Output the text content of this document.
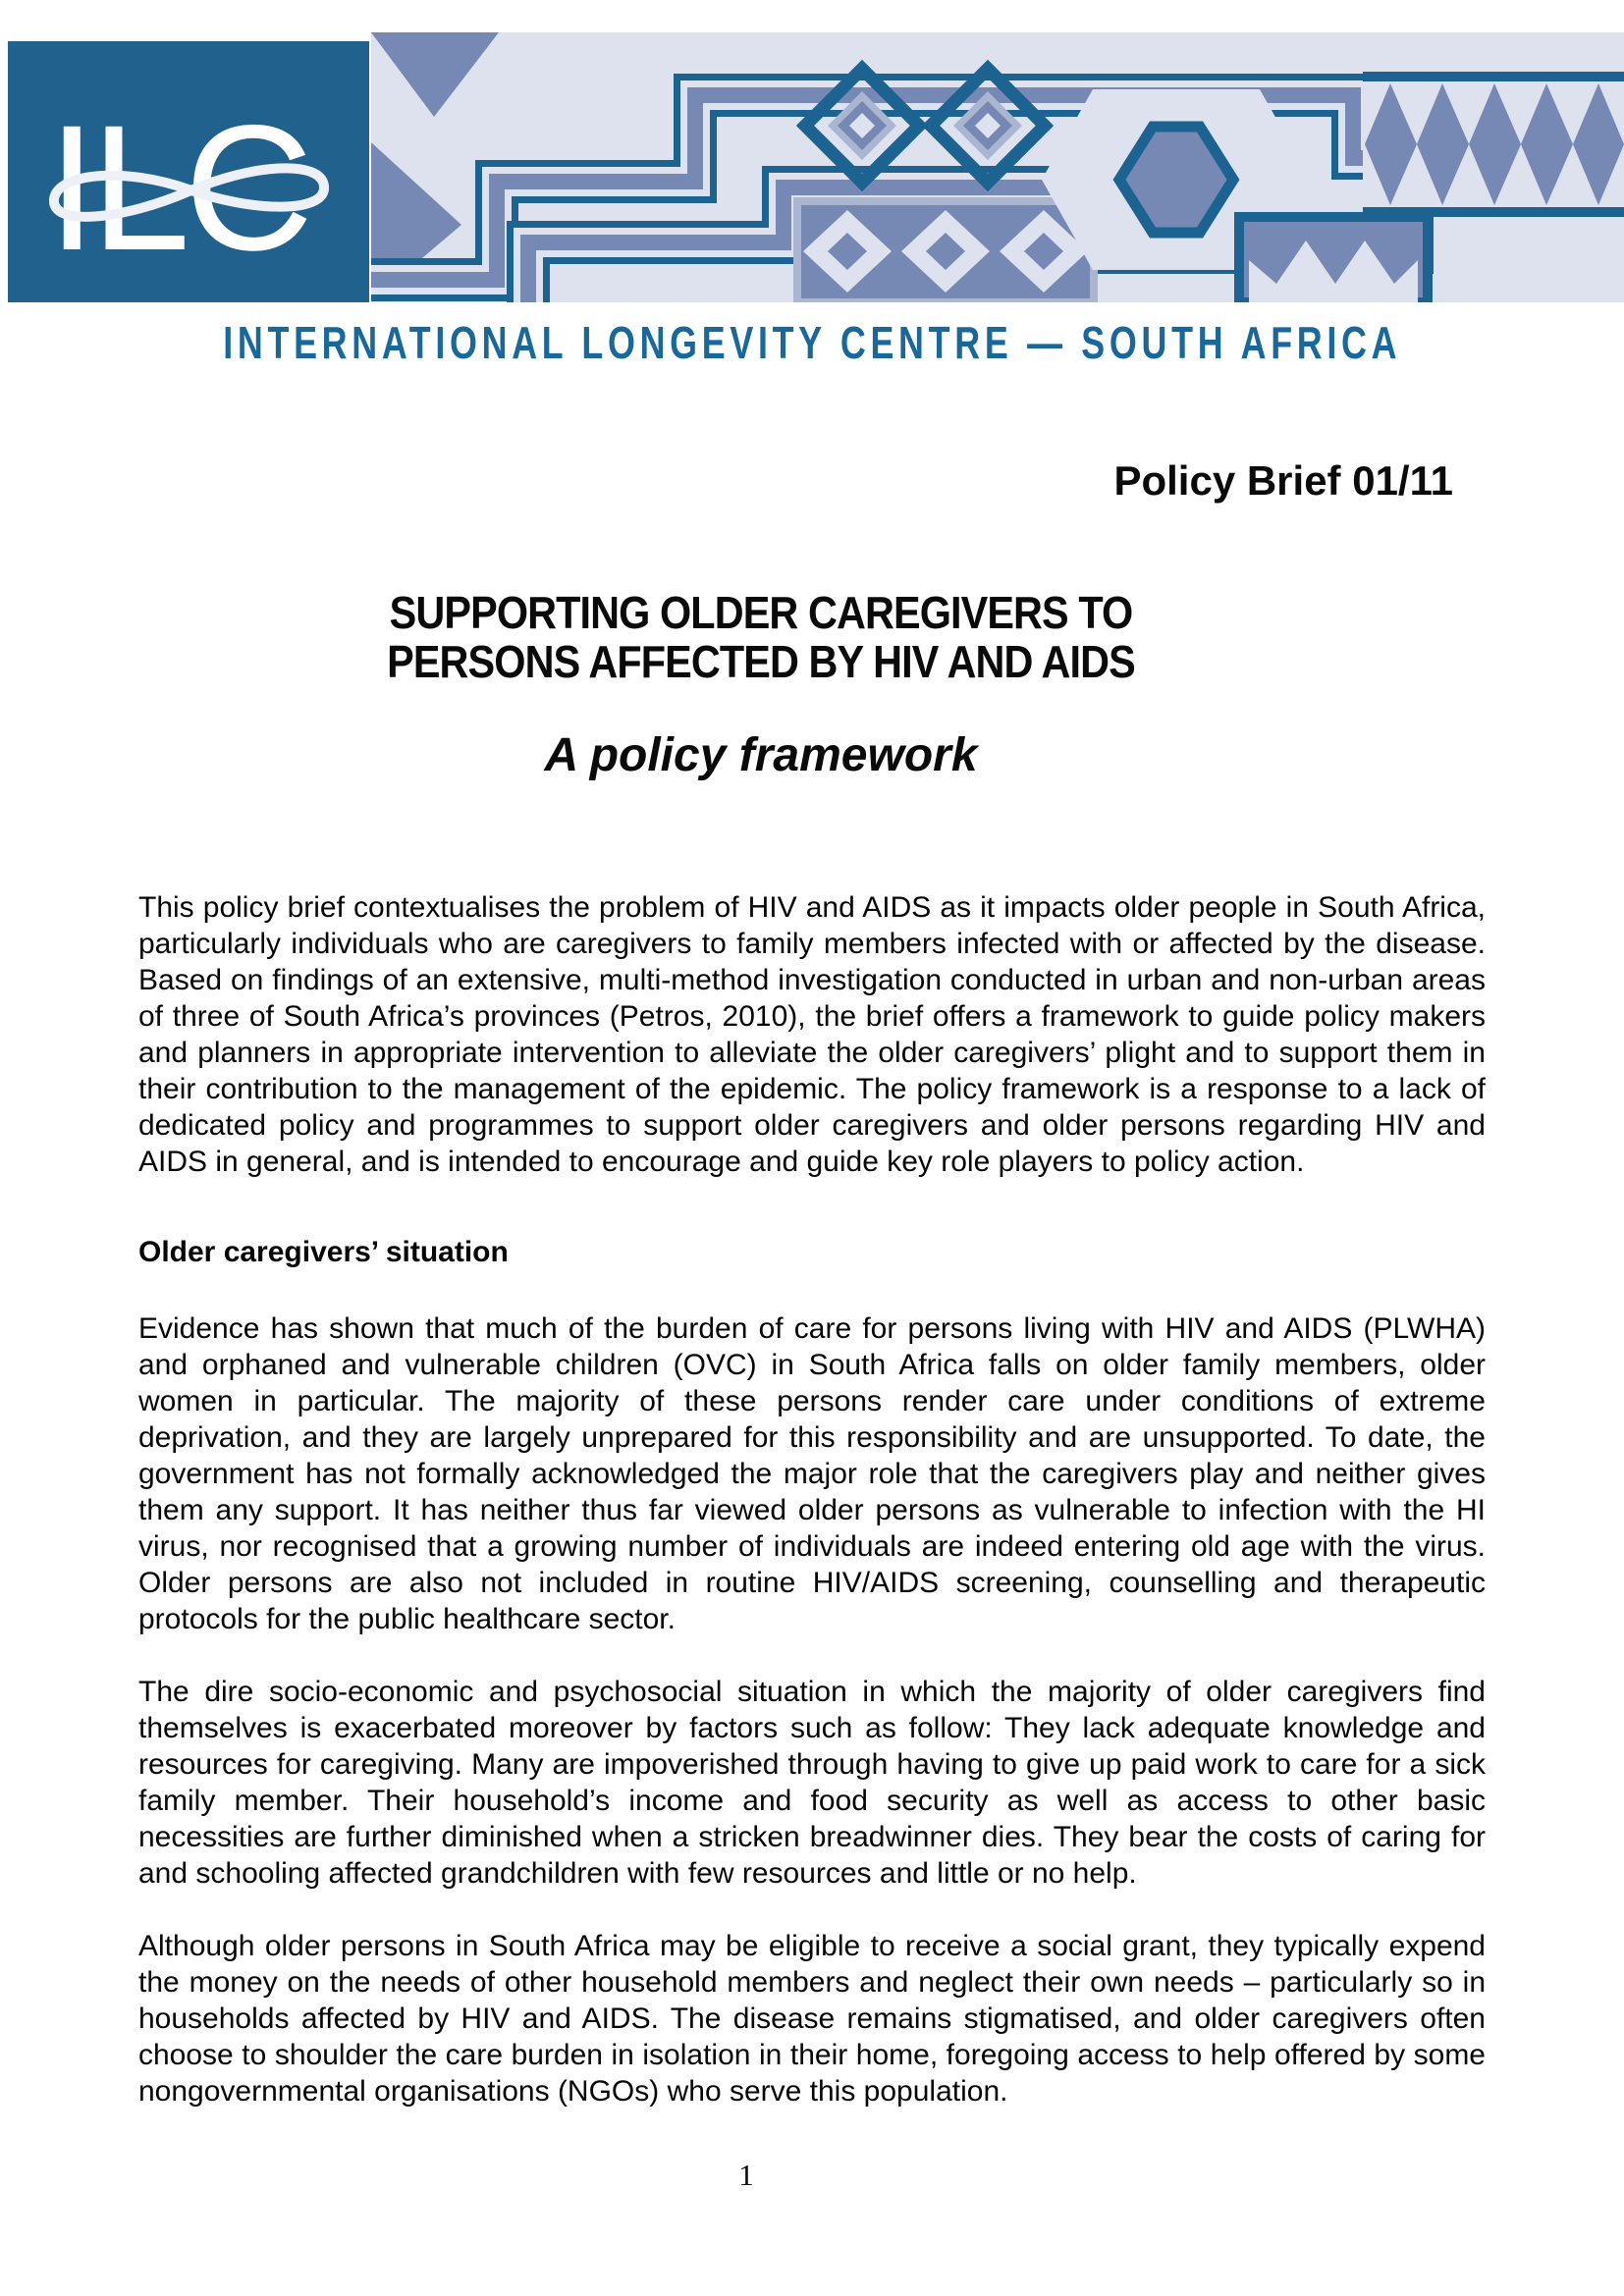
ILC
INTERNATIONAL LONGEVITY CENTRE — SOUTH AFRICA
Policy Brief 01/11
SUPPORTING OLDER CAREGIVERS TO
PERSONS AFFECTED BY HIV AND AIDS
A policy framework

This policy brief contextualises the problem of HIV and AIDS as it impacts older people in South Africa, particularly individuals who are caregivers to family members infected with or affected by the disease. Based on findings of an extensive, multi-method investigation conducted in urban and non-urban areas of three of South Africa’s provinces (Petros, 2010), the brief offers a framework to guide policy makers and planners in appropriate intervention to alleviate the older caregivers’ plight and to support them in their contribution to the management of the epidemic. The policy framework is a response to a lack of dedicated policy and programmes to support older caregivers and older persons regarding HIV and AIDS in general, and is intended to encourage and guide key role players to policy action.

Older caregivers’ situation

Evidence has shown that much of the burden of care for persons living with HIV and AIDS (PLWHA) and orphaned and vulnerable children (OVC) in South Africa falls on older family members, older women in particular. The majority of these persons render care under conditions of extreme deprivation, and they are largely unprepared for this responsibility and are unsupported. To date, the government has not formally acknowledged the major role that the caregivers play and neither gives them any support. It has neither thus far viewed older persons as vulnerable to infection with the HI virus, nor recognised that a growing number of individuals are indeed entering old age with the virus. Older persons are also not included in routine HIV/AIDS screening, counselling and therapeutic protocols for the public healthcare sector.

The dire socio-economic and psychosocial situation in which the majority of older caregivers find themselves is exacerbated moreover by factors such as follow: They lack adequate knowledge and resources for caregiving. Many are impoverished through having to give up paid work to care for a sick family member. Their household’s income and food security as well as access to other basic necessities are further diminished when a stricken breadwinner dies. They bear the costs of caring for and schooling affected grandchildren with few resources and little or no help.

Although older persons in South Africa may be eligible to receive a social grant, they typically expend the money on the needs of other household members and neglect their own needs – particularly so in households affected by HIV and AIDS. The disease remains stigmatised, and older caregivers often choose to shoulder the care burden in isolation in their home, foregoing access to help offered by some nongovernmental organisations (NGOs) who serve this population.

1
